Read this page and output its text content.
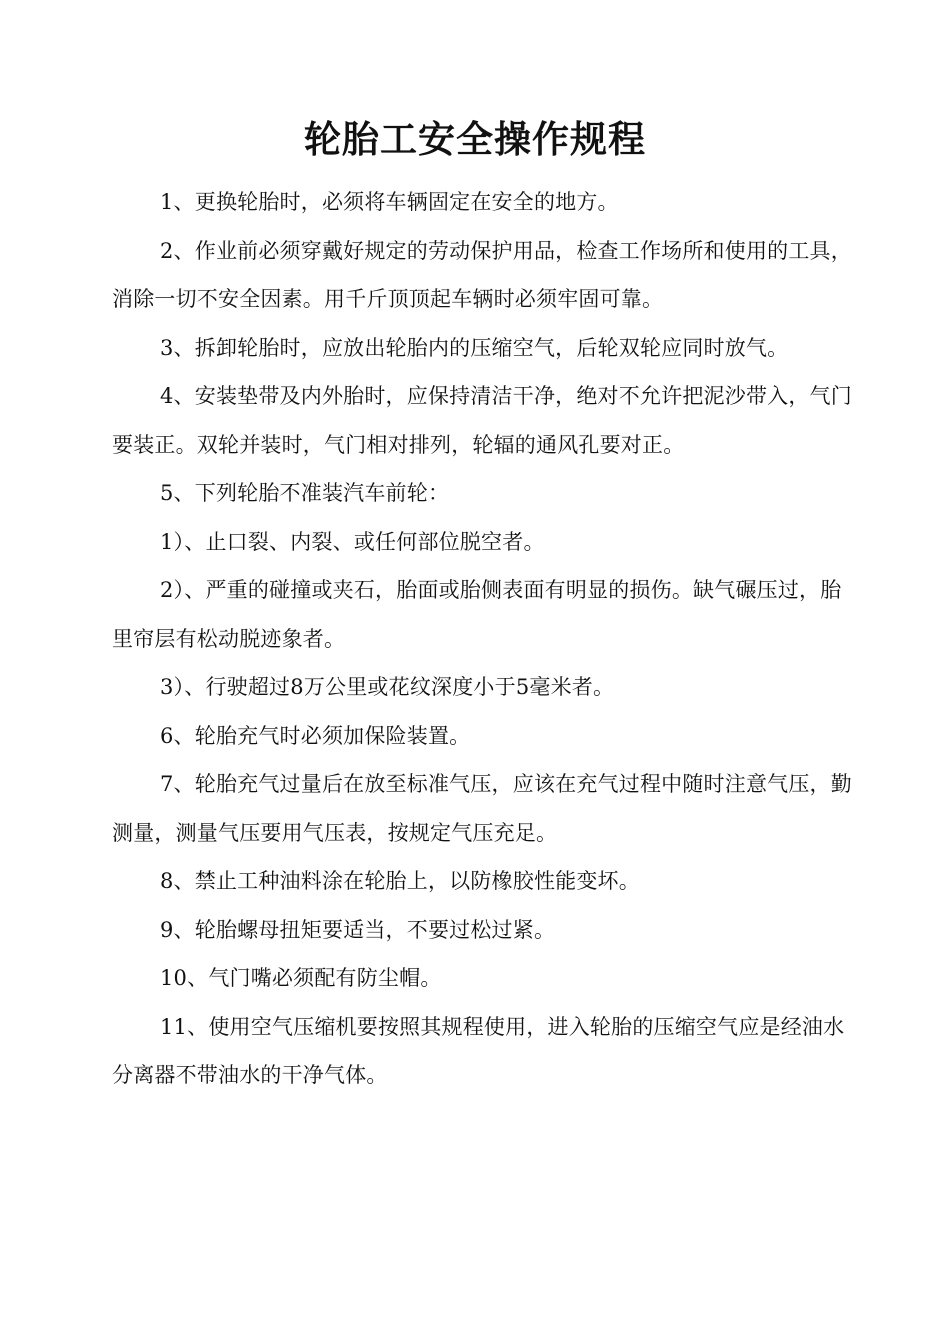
轮胎工安全操作规程

1、更换轮胎时，必须将车辆固定在安全的地方。

2、作业前必须穿戴好规定的劳动保护用品，检查工作场所和使用的工具，消除一切不安全因素。用千斤顶顶起车辆时必须牢固可靠。

3、拆卸轮胎时，应放出轮胎内的压缩空气，后轮双轮应同时放气。

4、安装垫带及内外胎时，应保持清洁干净，绝对不允许把泥沙带入，气门要装正。双轮并装时，气门相对排列，轮辐的通风孔要对正。

5、下列轮胎不准装汽车前轮：

1）、止口裂、内裂、或任何部位脱空者。

2）、严重的碰撞或夹石，胎面或胎侧表面有明显的损伤。缺气碾压过，胎里帘层有松动脱迹象者。

3）、行驶超过8万公里或花纹深度小于5毫米者。

6、轮胎充气时必须加保险装置。

7、轮胎充气过量后在放至标准气压，应该在充气过程中随时注意气压，勤测量，测量气压要用气压表，按规定气压充足。

8、禁止工种油料涂在轮胎上，以防橡胶性能变坏。

9、轮胎螺母扭矩要适当，不要过松过紧。

10、气门嘴必须配有防尘帽。

11、使用空气压缩机要按照其规程使用，进入轮胎的压缩空气应是经油水分离器不带油水的干净气体。
